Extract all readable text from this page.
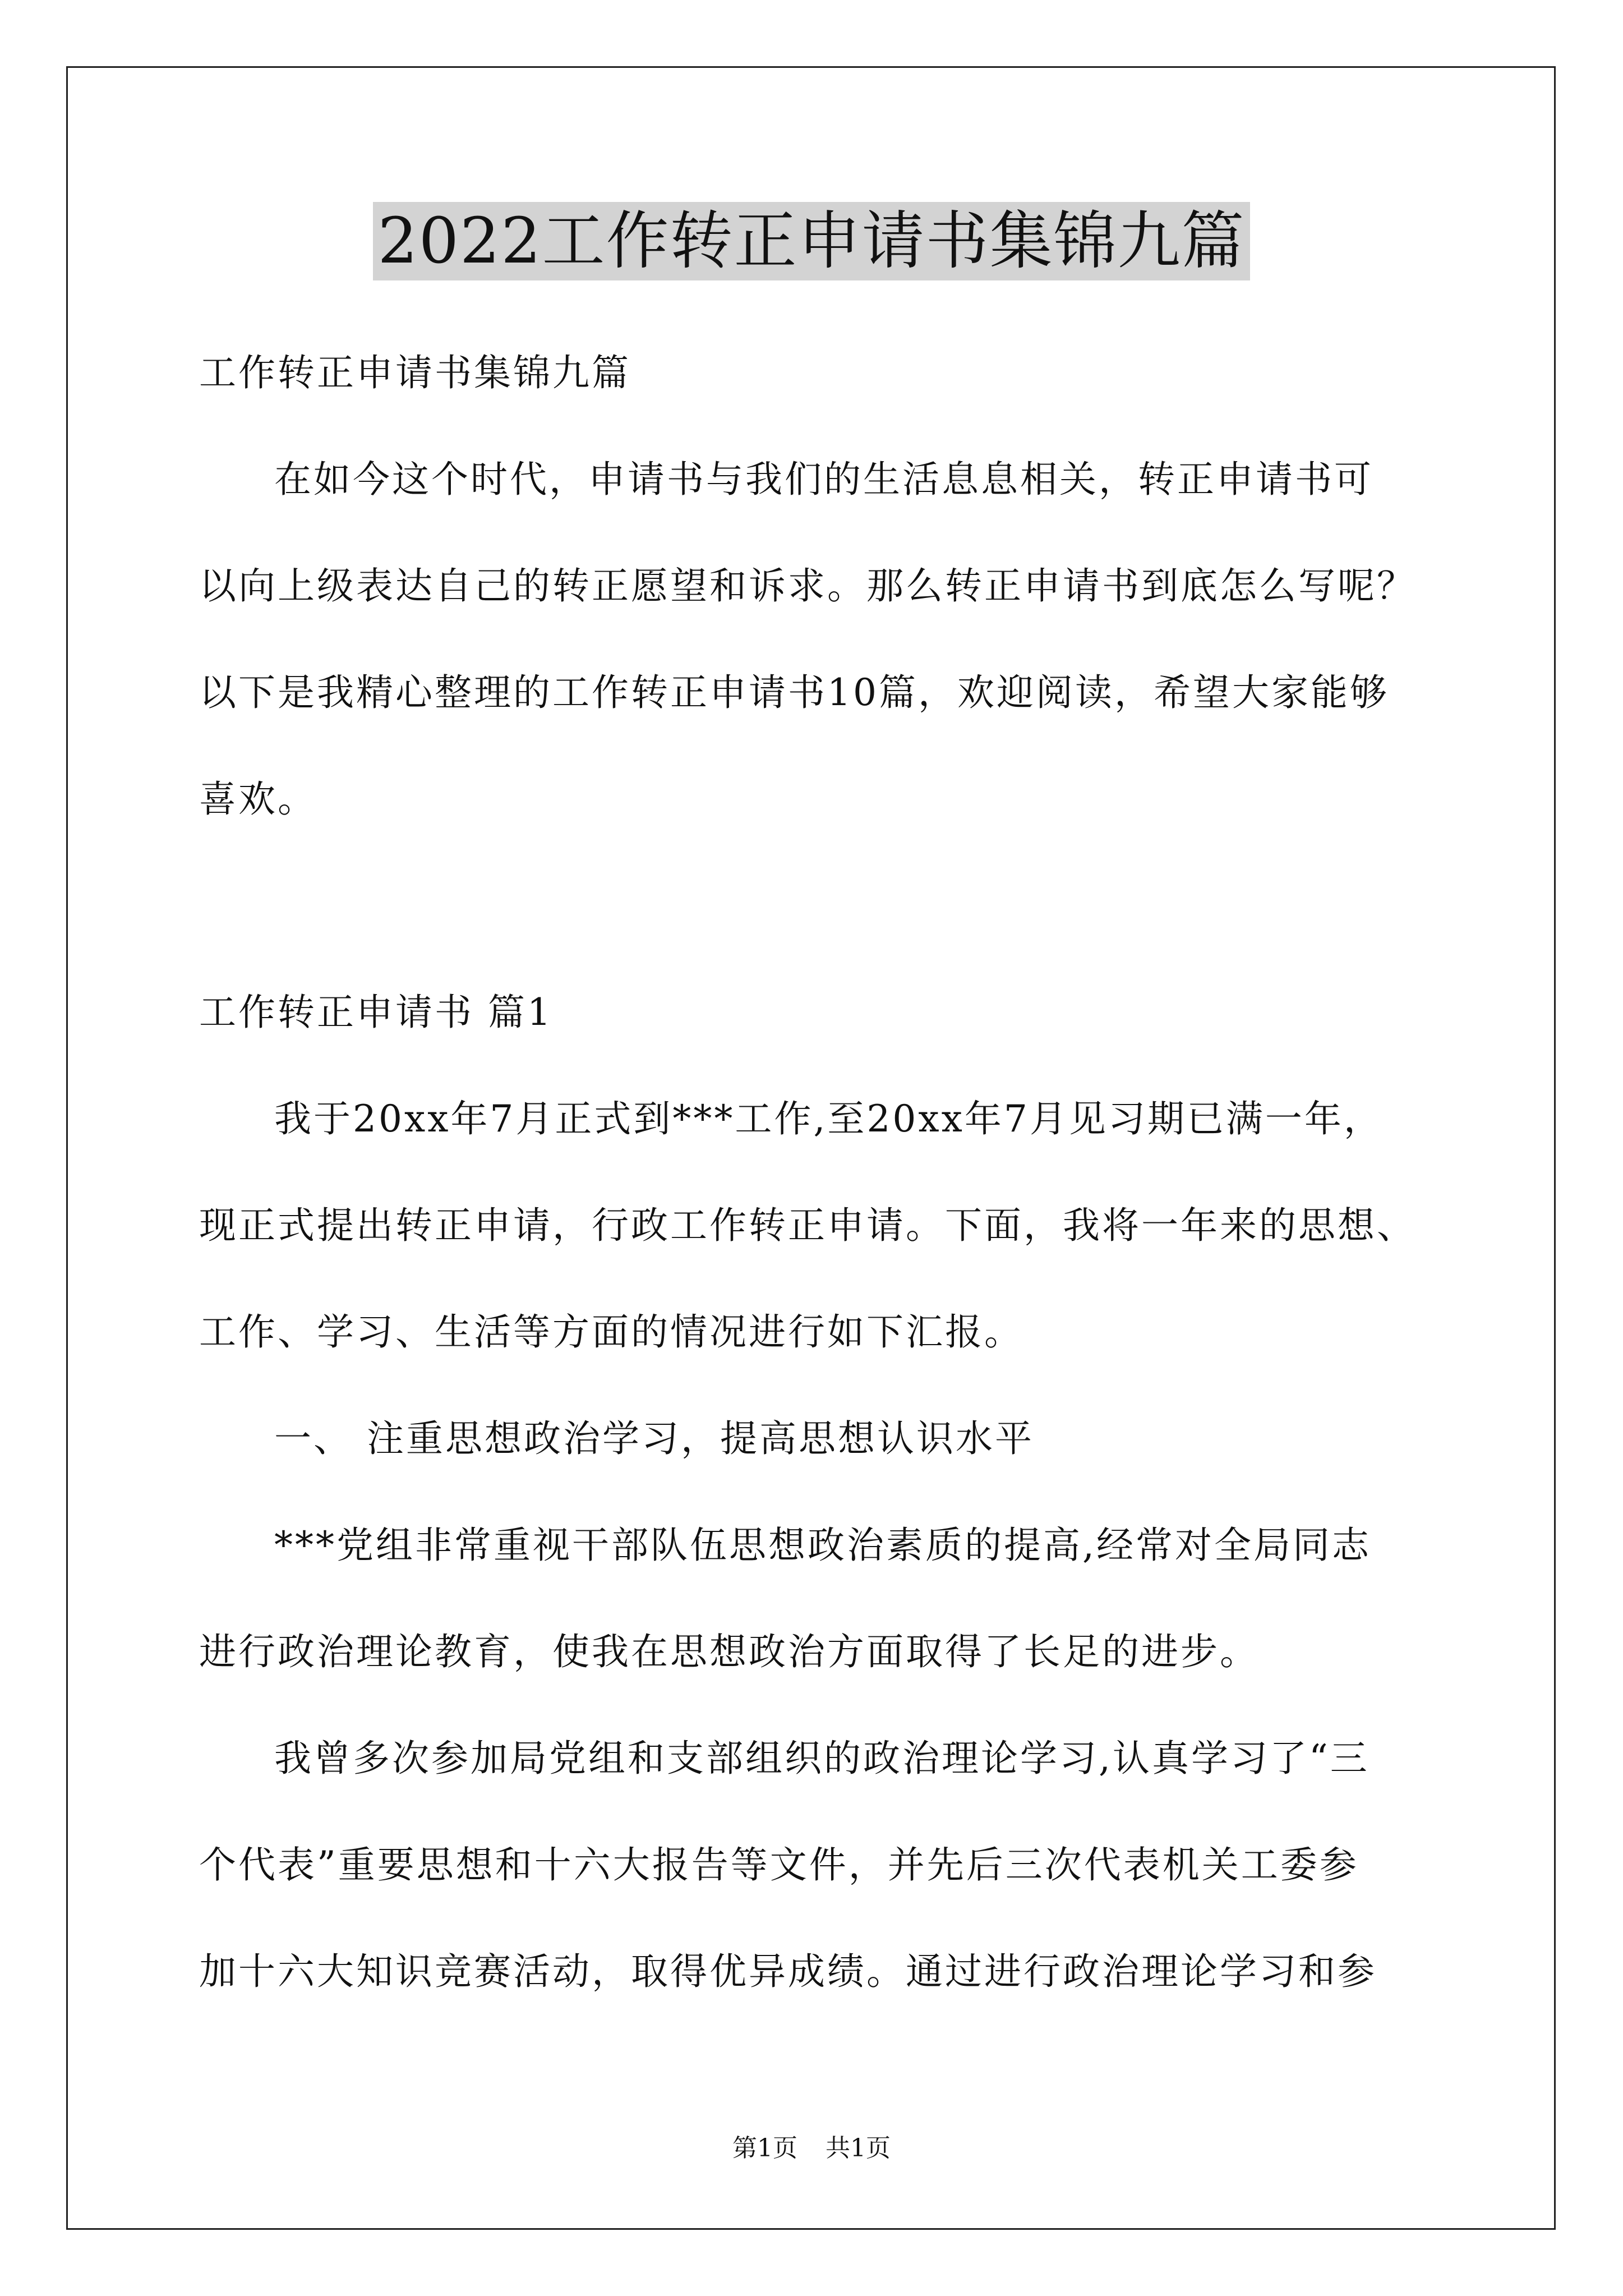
2022工作转正申请书集锦九篇
工作转正申请书集锦九篇
在如今这个时代，申请书与我们的生活息息相关，转正申请书可
以向上级表达自己的转正愿望和诉求。那么转正申请书到底怎么写呢？
以下是我精心整理的工作转正申请书10篇，欢迎阅读，希望大家能够
喜欢。
工作转正申请书 篇1
我于20xx年7月正式到***工作,至20xx年7月见习期已满一年，
现正式提出转正申请，行政工作转正申请。下面，我将一年来的思想、
工作、学习、生活等方面的情况进行如下汇报。
一、 注重思想政治学习，提高思想认识水平
***党组非常重视干部队伍思想政治素质的提高,经常对全局同志
进行政治理论教育，使我在思想政治方面取得了长足的进步。
我曾多次参加局党组和支部组织的政治理论学习,认真学习了“三
个代表”重要思想和十六大报告等文件，并先后三次代表机关工委参
加十六大知识竞赛活动，取得优异成绩。通过进行政治理论学习和参
第1页 共1页
